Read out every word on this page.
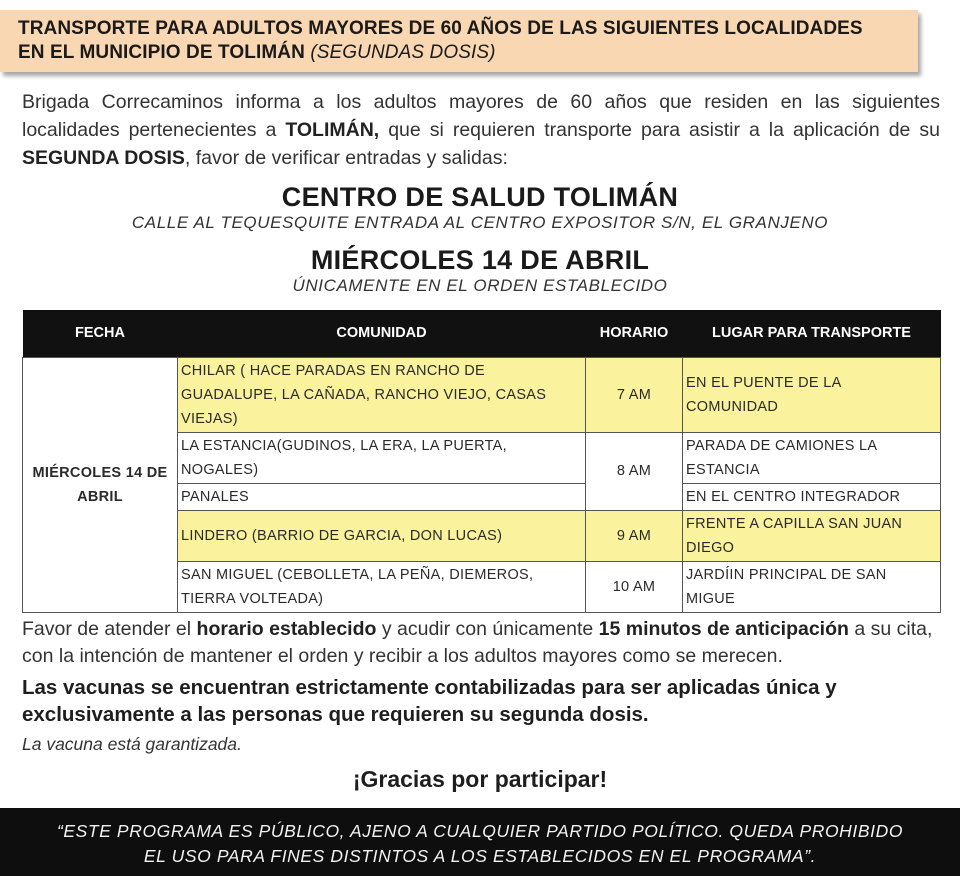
TRANSPORTE PARA ADULTOS MAYORES DE 60 AÑOS DE LAS SIGUIENTES LOCALIDADES
EN EL MUNICIPIO DE TOLIMÁN (SEGUNDAS DOSIS)

Brigada Correcaminos informa a los adultos mayores de 60 años que residen en las siguientes localidades pertenecientes a TOLIMÁN, que si requieren transporte para asistir a la aplicación de su SEGUNDA DOSIS, favor de verificar entradas y salidas:

CENTRO DE SALUD TOLIMÁN
CALLE AL TEQUESQUITE ENTRADA AL CENTRO EXPOSITOR S/N, EL GRANJENO
MIÉRCOLES 14 DE ABRIL
ÚNICAMENTE EN EL ORDEN ESTABLECIDO
FECHA	COMUNIDAD	HORARIO	LUGAR PARA TRANSPORTE
MIÉRCOLES 14 DE ABRIL	CHILAR ( HACE PARADAS EN RANCHO DE GUADALUPE, LA CAÑADA, RANCHO VIEJO, CASAS VIEJAS)	7 AM	EN EL PUENTE DE LA COMUNIDAD
	LA ESTANCIA(GUDINOS, LA ERA, LA PUERTA, NOGALES)	8 AM	PARADA DE CAMIONES LA ESTANCIA
	PANALES		EN EL CENTRO INTEGRADOR
	LINDERO (BARRIO DE GARCIA, DON LUCAS)	9 AM	FRENTE A CAPILLA SAN JUAN DIEGO
	SAN MIGUEL (CEBOLLETA, LA PEÑA, DIEMEROS, TIERRA VOLTEADA)	10 AM	JARDÍIN PRINCIPAL DE SAN MIGUE

Favor de atender el horario establecido y acudir con únicamente 15 minutos de anticipación a su cita, con la intención de mantener el orden y recibir a los adultos mayores como se merecen.

Las vacunas se encuentran estrictamente contabilizadas para ser aplicadas única y exclusivamente a las personas que requieren su segunda dosis.

La vacuna está garantizada.

¡Gracias por participar!
“ESTE PROGRAMA ES PÚBLICO, AJENO A CUALQUIER PARTIDO POLÍTICO. QUEDA PROHIBIDO
EL USO PARA FINES DISTINTOS A LOS ESTABLECIDOS EN EL PROGRAMA”.
